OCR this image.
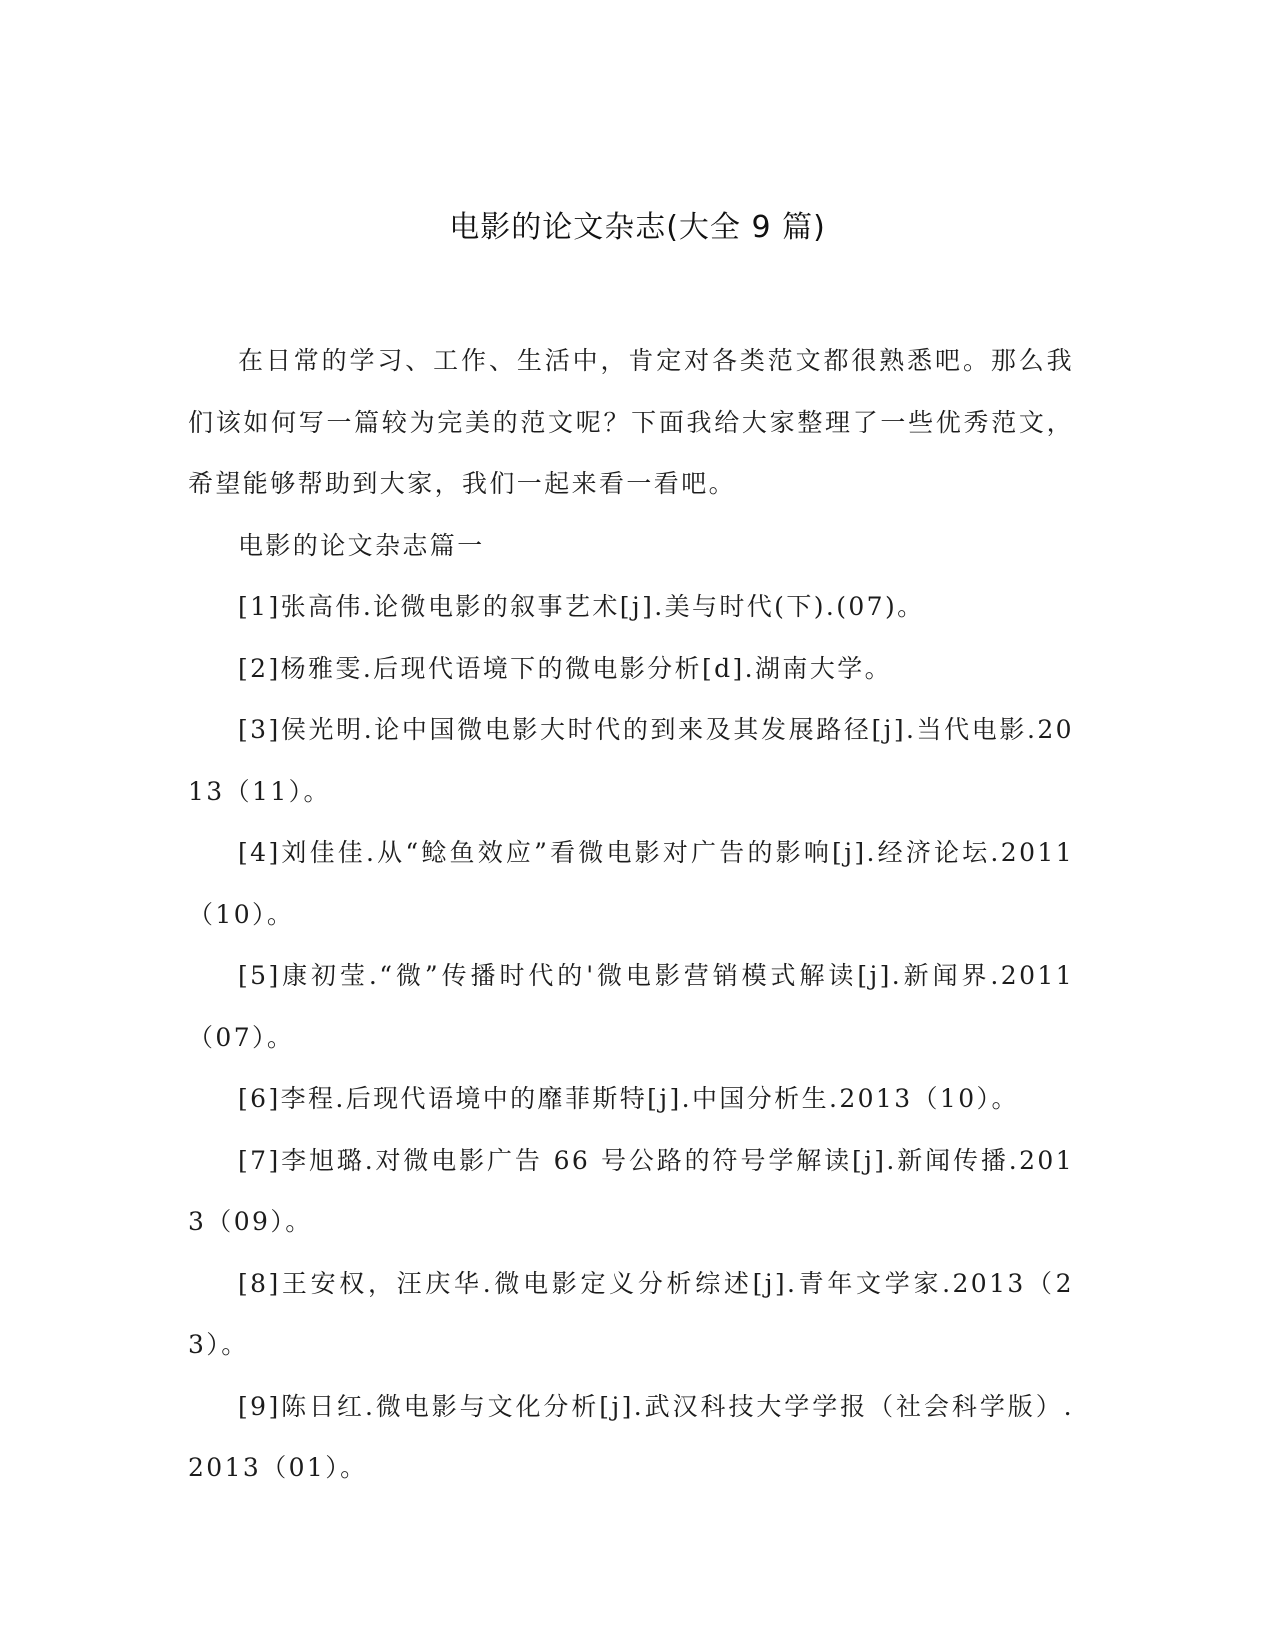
电影的论文杂志(大全 9 篇)

在日常的学习、工作、生活中，肯定对各类范文都很熟悉吧。那么我们该如何写一篇较为完美的范文呢？下面我给大家整理了一些优秀范文，希望能够帮助到大家，我们一起来看一看吧。

电影的论文杂志篇一

[1]张高伟.论微电影的叙事艺术[j].美与时代(下).(07)。

[2]杨雅雯.后现代语境下的微电影分析[d].湖南大学。

[3]侯光明.论中国微电影大时代的到来及其发展路径[j].当代电影.2013（11）。

[4]刘佳佳.从“鲶鱼效应”看微电影对广告的影响[j].经济论坛.2011（10）。

[5]康初莹.“微”传播时代的'微电影营销模式解读[j].新闻界.2011（07）。

[6]李程.后现代语境中的靡菲斯特[j].中国分析生.2013（10）。

[7]李旭璐.对微电影广告 66 号公路的符号学解读[j].新闻传播.2013（09）。

[8]王安权，汪庆华.微电影定义分析综述[j].青年文学家.2013（23）。

[9]陈日红.微电影与文化分析[j].武汉科技大学学报（社会科学版）.2013（01）。
